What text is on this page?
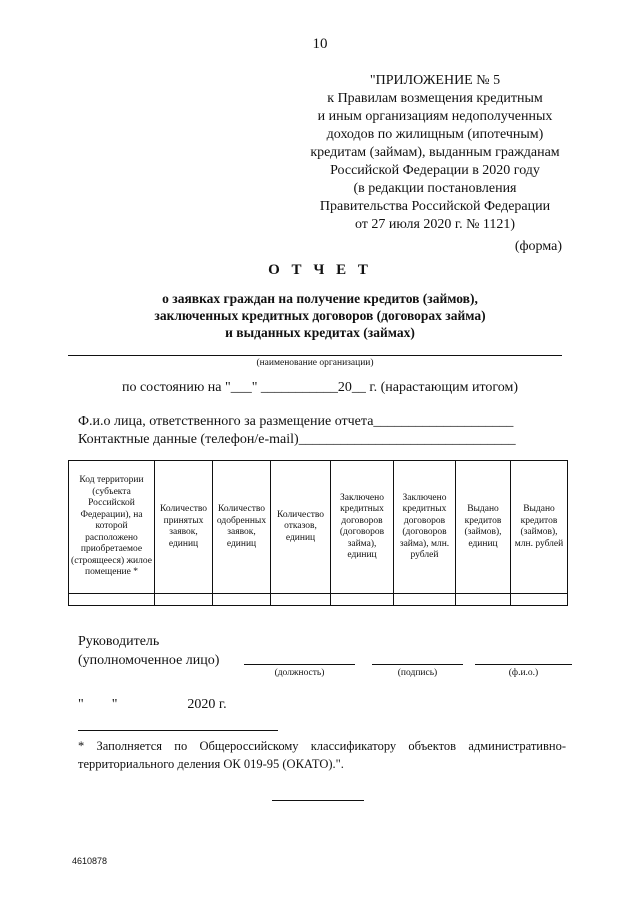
10
"ПРИЛОЖЕНИЕ № 5
к Правилам возмещения кредитным
и иным организациям недополученных
доходов по жилищным (ипотечным)
кредитам (займам), выданным гражданам
Российской Федерации в 2020 году
(в редакции постановления
Правительства Российской Федерации
от 27 июля 2020 г. № 1121)
(форма)
О Т Ч Е Т
о заявках граждан на получение кредитов (займов),
заключенных кредитных договоров (договорах займа)
и выданных кредитах (займах)
(наименование организации)
по состоянию на "___" ___________20__ г. (нарастающим итогом)
Ф.и.о лица, ответственного за размещение отчета____________________
Контактные данные (телефон/e-mail)_______________________________
Код территории (субъекта Российской Федерации), на которой расположено приобретаемое (строящееся) жилое помещение *	Количество принятых заявок, единиц	Количество одобренных заявок, единиц	Количество отказов, единиц	Заключено кредитных договоров (договоров займа), единиц	Заключено кредитных договоров (договоров займа), млн. рублей	Выдано кредитов (займов), единиц	Выдано кредитов (займов), млн. рублей

Руководитель
(уполномоченное лицо)
(должность)	(подпись)	(ф.и.о.)
"        "                    2020 г.
* Заполняется по Общероссийскому классификатору объектов административно-территориального деления ОК 019-95 (ОКАТО).".
4610878
